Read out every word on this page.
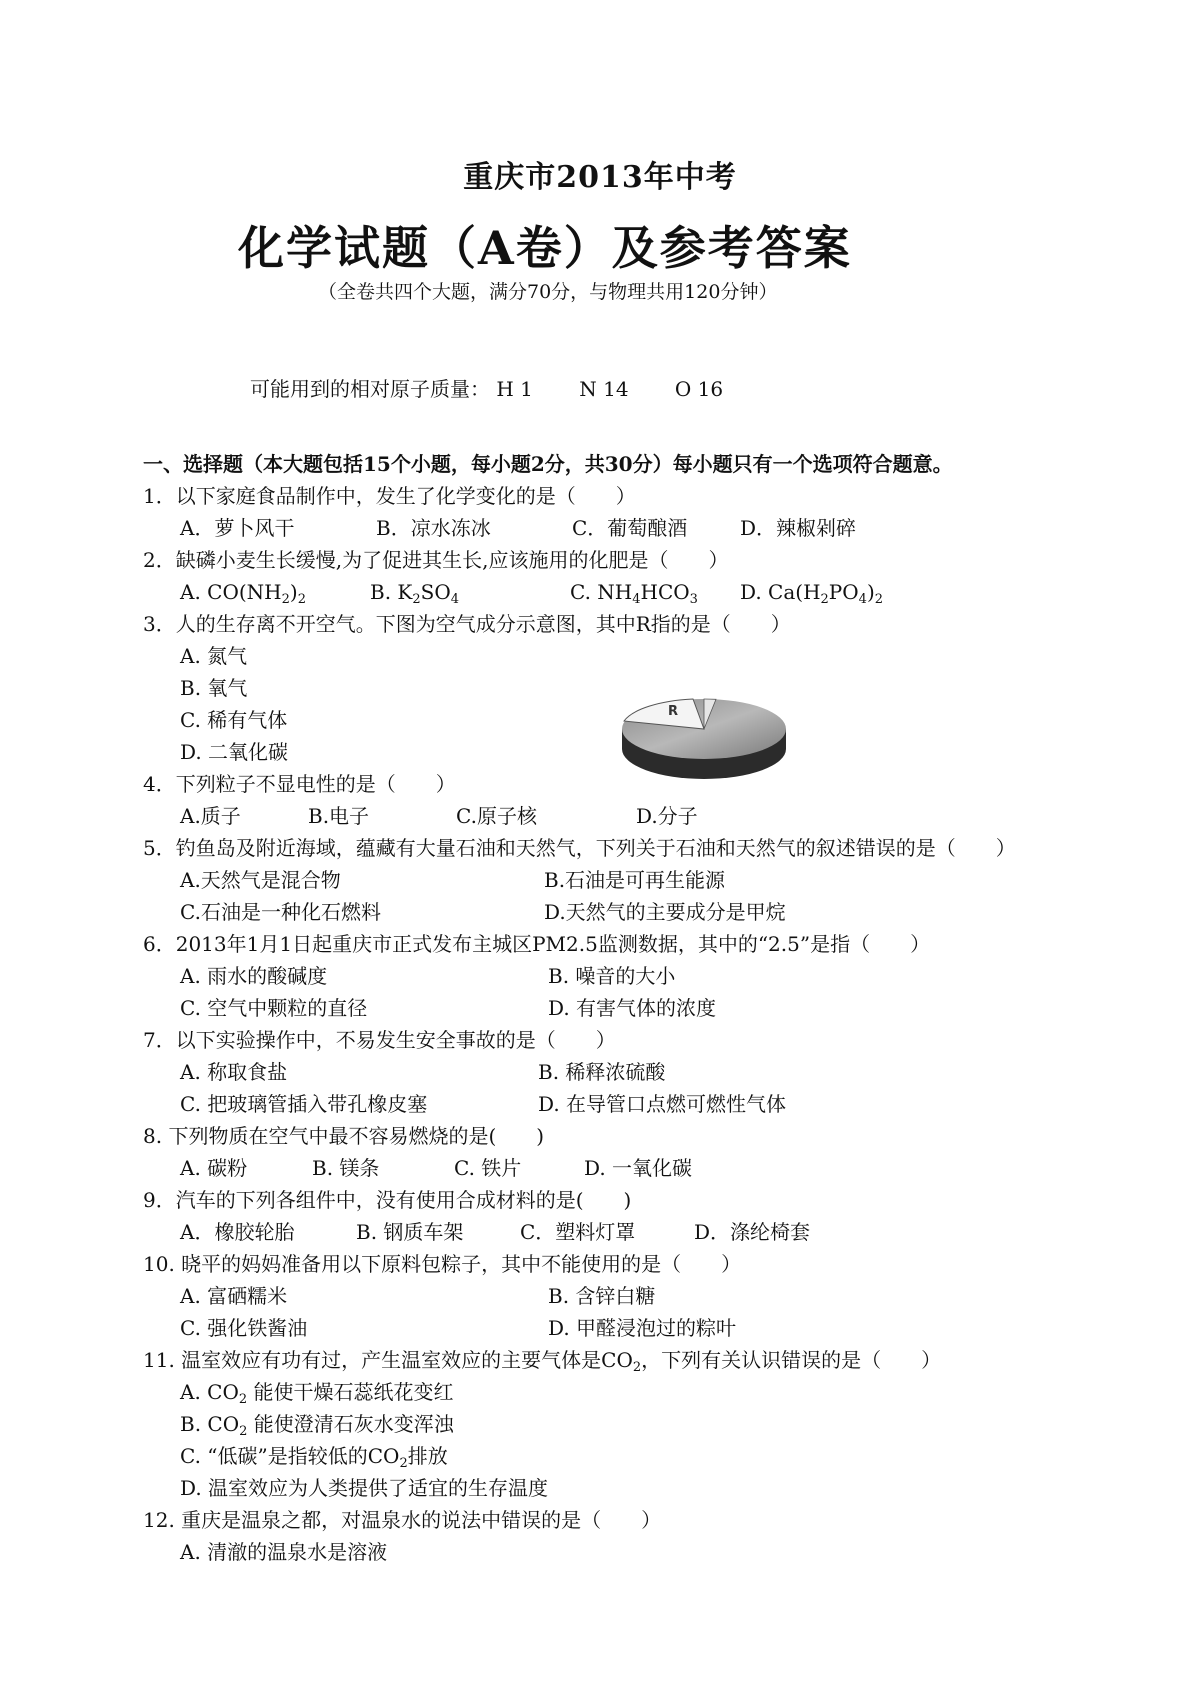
重庆市2013年中考
化学试题（A卷）及参考答案
（全卷共四个大题，满分70分，与物理共用120分钟）
可能用到的相对原子质量： H 1 N 14 O 16
一、选择题（本大题包括15个小题，每小题2分，共30分）每小题只有一个选项符合题意。
1．以下家庭食品制作中，发生了化学变化的是（　　）
A．萝卜风干	B．凉水冻冰	C．葡萄酿酒	D．辣椒剁碎
2．缺磷小麦生长缓慢,为了促进其生长,应该施用的化肥是（　　）
A. $CO(NH_2)_2$	B. $K_2SO_4$	C. $NH_4HCO_3$ D. $Ca(H_2PO_4)_2$
3．人的生存离不开空气。下图为空气成分示意图，其中R指的是（　　）
A. 氮气
B. 氧气
C. 稀有气体
D. 二氧化碳
R
4．下列粒子不显电性的是（　　）
A.质子	B.电子	C.原子核	D.分子
5．钓鱼岛及附近海域，蕴藏有大量石油和天然气，下列关于石油和天然气的叙述错误的是（　　）
A.天然气是混合物	B.石油是可再生能源
C.石油是一种化石燃料	D.天然气的主要成分是甲烷
6．2013年1月1日起重庆市正式发布主城区PM2.5监测数据，其中的“2.5”是指（　　）
A. 雨水的酸碱度	B. 噪音的大小
C. 空气中颗粒的直径	D. 有害气体的浓度
7．以下实验操作中，不易发生安全事故的是（　　）
A. 称取食盐	B. 稀释浓硫酸
C. 把玻璃管插入带孔橡皮塞	D. 在导管口点燃可燃性气体
8. 下列物质在空气中最不容易燃烧的是(　　)
A. 碳粉	B. 镁条	C. 铁片	D. 一氧化碳
9．汽车的下列各组件中，没有使用合成材料的是(　　)
A．橡胶轮胎	B. 钢质车架	C．塑料灯罩	D．涤纶椅套
10. 晓平的妈妈准备用以下原料包粽子，其中不能使用的是（　　）
A. 富硒糯米	B. 含锌白糖
C. 强化铁酱油	D. 甲醛浸泡过的粽叶
11. 温室效应有功有过，产生温室效应的主要气体是$CO_2$，下列有关认识错误的是（　　）
A. $CO_2$ 能使干燥石蕊纸花变红
B. $CO_2$ 能使澄清石灰水变浑浊
C. “低碳”是指较低的$CO_2$排放
D. 温室效应为人类提供了适宜的生存温度
12. 重庆是温泉之都，对温泉水的说法中错误的是（　　）
A. 清澈的温泉水是溶液
